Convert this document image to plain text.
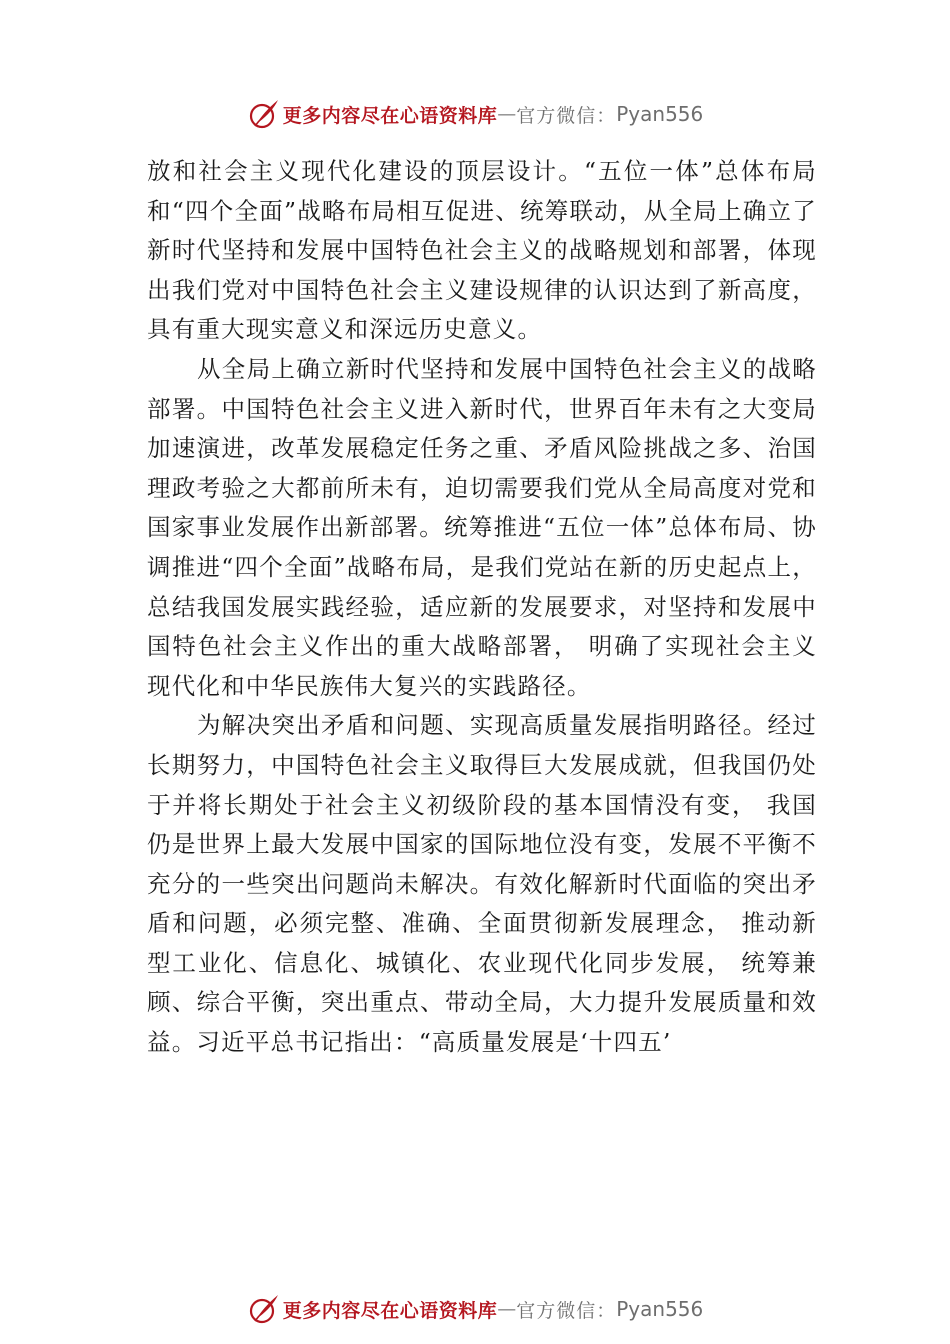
更多内容尽在心语资料库 — 官方微信： Pyan556

放和社会主义现代化建设的顶层设计。“五位一体”总体布局和“四个全面”战略布局相互促进、统筹联动，从全局上确立了新时代坚持和发展中国特色社会主义的战略规划和部署，体现出我们党对中国特色社会主义建设规律的认识达到了新高度，具有重大现实意义和深远历史意义。

从全局上确立新时代坚持和发展中国特色社会主义的战略部署。中国特色社会主义进入新时代，世界百年未有之大变局加速演进，改革发展稳定任务之重、矛盾风险挑战之多、治国理政考验之大都前所未有，迫切需要我们党从全局高度对党和国家事业发展作出新部署。统筹推进“五位一体”总体布局、协调推进“四个全面”战略布局，是我们党站在新的历史起点上，总结我国发展实践经验，适应新的发展要求，对坚持和发展中国特色社会主义作出的重大战略部署， 明确了实现社会主义现代化和中华民族伟大复兴的实践路径。

为解决突出矛盾和问题、实现高质量发展指明路径。经过长期努力，中国特色社会主义取得巨大发展成就，但我国仍处于并将长期处于社会主义初级阶段的基本国情没有变， 我国仍是世界上最大发展中国家的国际地位没有变，发展不平衡不充分的一些突出问题尚未解决。有效化解新时代面临的突出矛盾和问题，必须完整、准确、全面贯彻新发展理念， 推动新型工业化、信息化、城镇化、农业现代化同步发展， 统筹兼顾、综合平衡，突出重点、带动全局，大力提升发展质量和效益。习近平总书记指出：“高质量发展是‘十四五’

更多内容尽在心语资料库 — 官方微信： Pyan556
